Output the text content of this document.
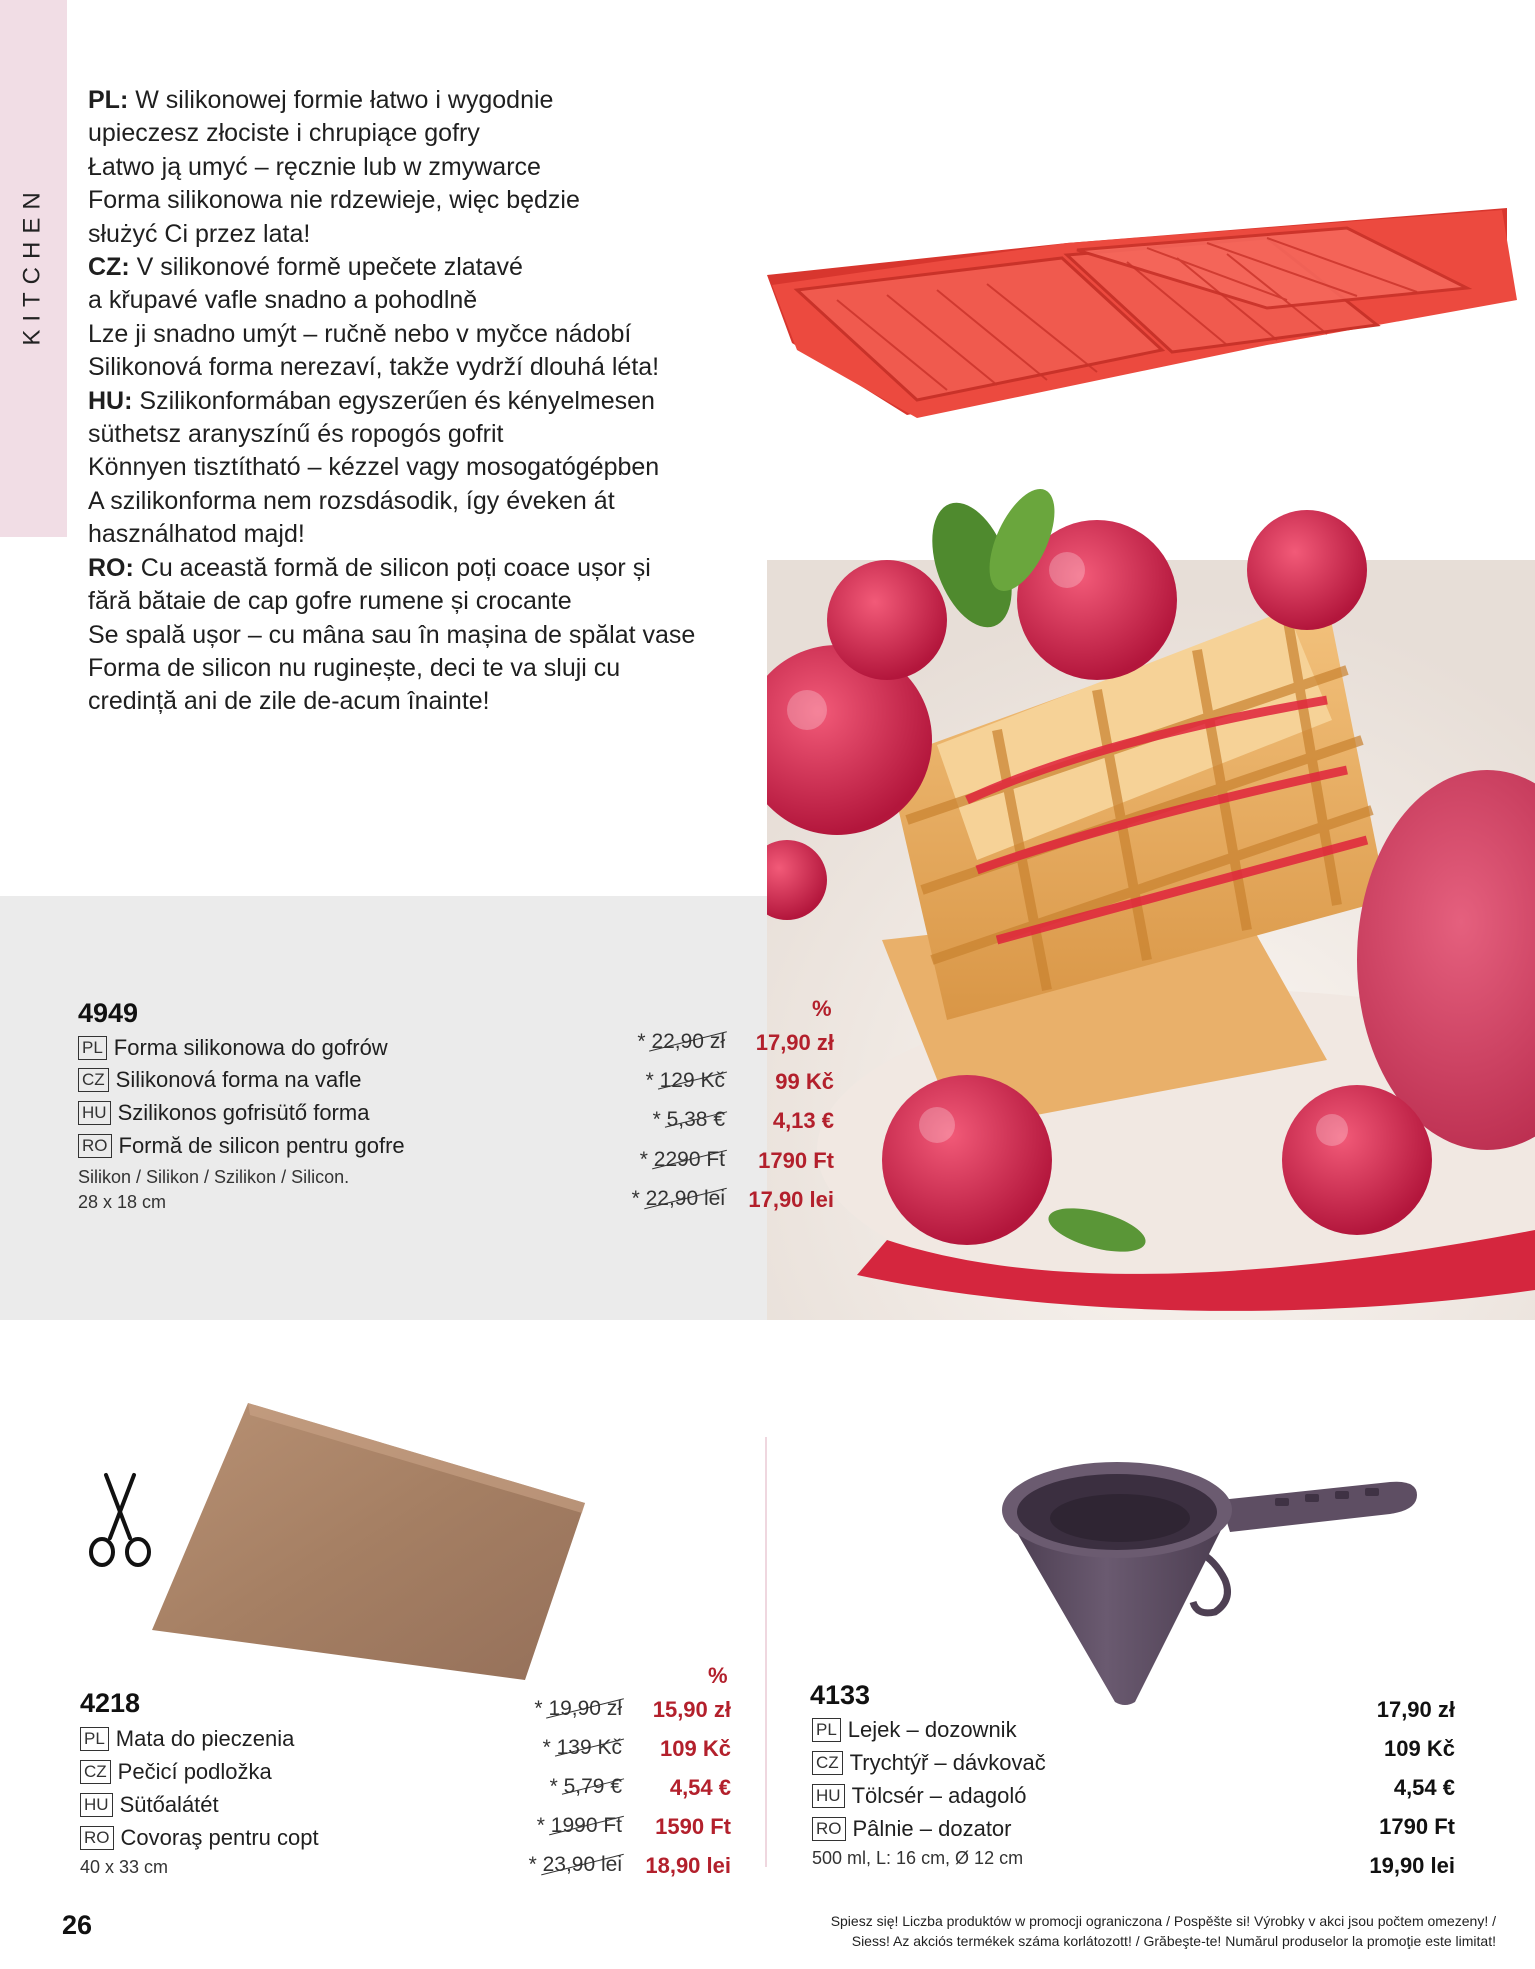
KITCHEN

PL: W silikonowej formie łatwo i wygodnie
upieczesz złociste i chrupiące gofry
Łatwo ją umyć – ręcznie lub w zmywarce
Forma silikonowa nie rdzewieje, więc będzie
służyć Ci przez lata!

CZ: V silikonové formě upečete zlatavé
a křupavé vafle snadno a pohodlně
Lze ji snadno umýt – ručně nebo v myčce nádobí
Silikonová forma nerezaví, takže vydrží dlouhá léta!

HU: Szilikonformában egyszerűen és kényelmesen
süthetsz aranyszínű és ropogós gofrit
Könnyen tisztítható – kézzel vagy mosogatógépben
A szilikonforma nem rozsdásodik, így éveken át
használhatod majd!

RO: Cu această formă de silicon poți coace ușor și
fără bătaie de cap gofre rumene și crocante
Se spală ușor – cu mâna sau în mașina de spălat vase
Forma de silicon nu ruginește, deci te va sluji cu
credință ani de zile de-acum înainte!

4949
PL Forma silikonowa do gofrów
CZ Silikonová forma na vafle
HU Szilikonos gofrisütő forma
RO Formă de silicon pentru gofre
Silikon / Silikon / Szilikon / Silicon.
28 x 18 cm
%
* 22,90 zł
* 129 Kč
* 5,38 €
* 2290 Ft
* 22,90 lei
17,90 zł
99 Kč
4,13 €
1790 Ft
17,90 lei
4218
PL Mata do pieczenia
CZ Pečicí podložka
HU Sütőalátét
RO Covoraş pentru copt
40 x 33 cm
%
* 19,90 zł
* 139 Kč
* 5,79 €
* 1990 Ft
* 23,90 lei
15,90 zł
109 Kč
4,54 €
1590 Ft
18,90 lei
4133
PL Lejek – dozownik
CZ Trychtýř – dávkovač
HU Tölcsér – adagoló
RO Pâlnie – dozator
500 ml, L: 16 cm, Ø 12 cm
17,90 zł
109 Kč
4,54 €
1790 Ft
19,90 lei
26	Spiesz się! Liczba produktów w promocji ograniczona / Pospěšte si! Výrobky v akci jsou počtem omezeny! /
Siess! Az akciós termékek száma korlátozott! / Grăbeşte-te! Numărul produselor la promoţie este limitat!
